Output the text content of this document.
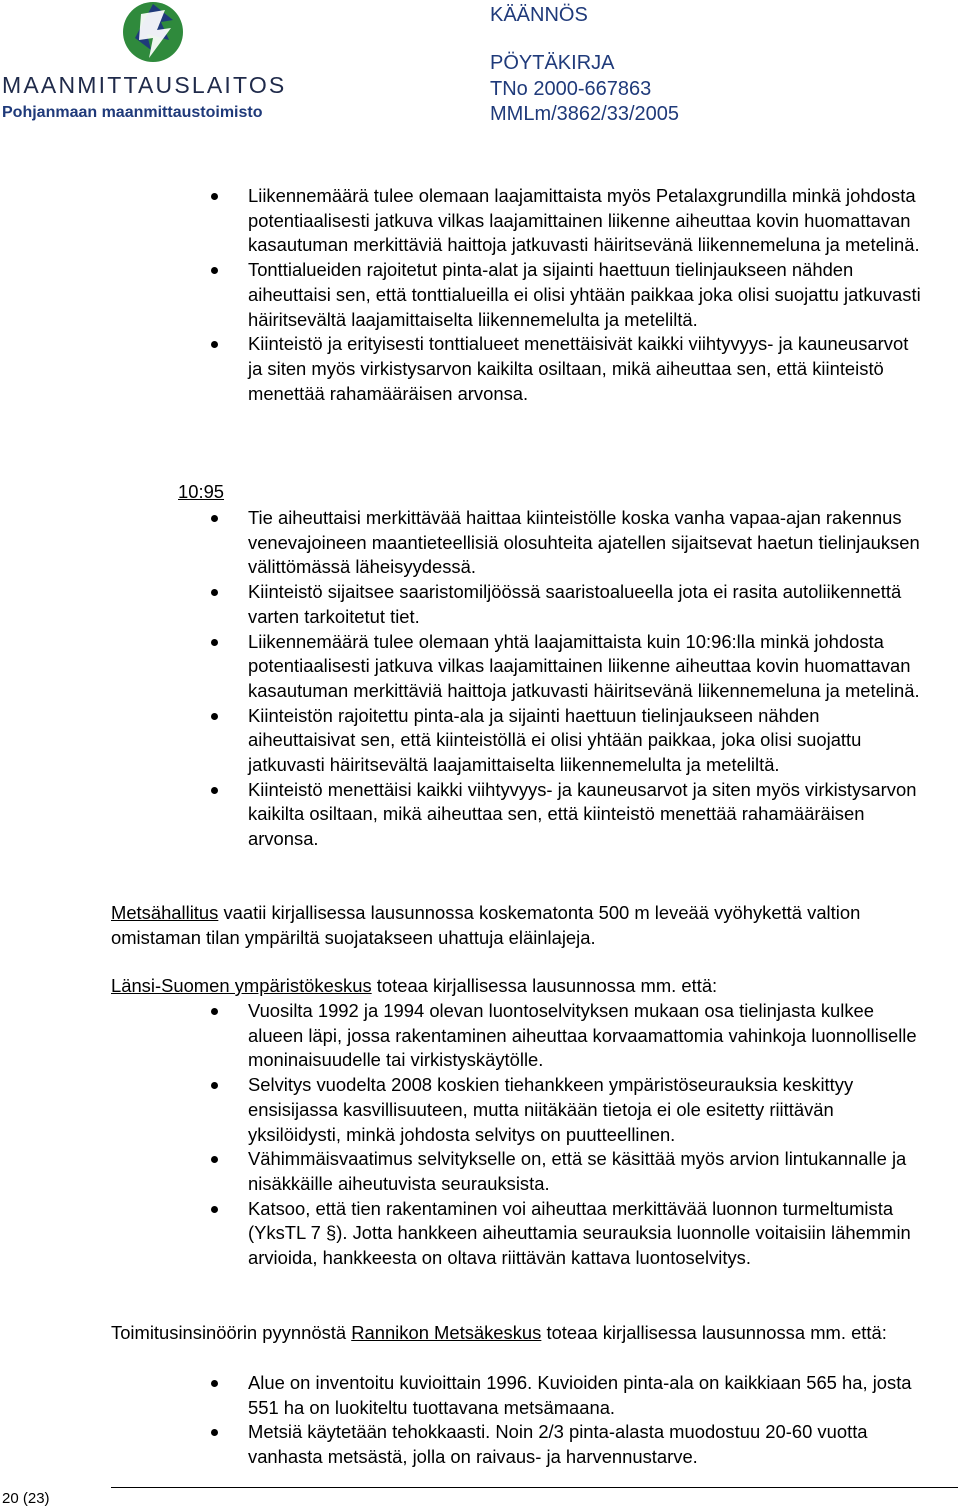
MAANMITTAUSLAITOS
Pohjanmaan maanmittaustoimisto
KÄÄNNÖS
PÖYTÄKIRJA
TNo 2000-667863
MMLm/3862/33/2005
Liikennemäärä tulee olemaan laajamittaista myös Petalaxgrundilla minkä johdosta potentiaalisesti jatkuva vilkas laajamittainen liikenne aiheuttaa kovin huomattavan kasautuman merkittäviä haittoja jatkuvasti häiritsevänä liikennemeluna ja metelinä.
Tonttialueiden rajoitetut pinta-alat ja sijainti haettuun tielinjaukseen nähden aiheuttaisi sen, että tonttialueilla ei olisi yhtään paikkaa joka olisi suojattu jatkuvasti häiritsevältä laajamittaiselta liikennemelulta ja meteliltä.
Kiinteistö ja erityisesti tonttialueet menettäisivät kaikki viihtyvyys- ja kauneusarvot ja siten myös virkistysarvon kaikilta osiltaan, mikä aiheuttaa sen, että kiinteistö menettää rahamääräisen arvonsa.
10:95
Tie aiheuttaisi merkittävää haittaa kiinteistölle koska vanha vapaa-ajan rakennus venevajoineen maantieteellisiä olosuhteita ajatellen sijaitsevat haetun tielinjauksen välittömässä läheisyydessä.
Kiinteistö sijaitsee saaristomiljöössä saaristoalueella jota ei rasita autoliikennettä varten tarkoitetut tiet.
Liikennemäärä tulee olemaan yhtä laajamittaista kuin 10:96:lla minkä johdosta potentiaalisesti jatkuva vilkas laajamittainen liikenne aiheuttaa kovin huomattavan kasautuman merkittäviä haittoja jatkuvasti häiritsevänä liikennemeluna ja metelinä.
Kiinteistön rajoitettu pinta-ala ja sijainti haettuun tielinjaukseen nähden aiheuttaisivat sen, että kiinteistöllä ei olisi yhtään paikkaa, joka olisi suojattu jatkuvasti häiritsevältä laajamittaiselta liikennemelulta ja meteliltä.
Kiinteistö menettäisi kaikki viihtyvyys- ja kauneusarvot ja siten myös virkistysarvon kaikilta osiltaan, mikä aiheuttaa sen, että kiinteistö menettää rahamääräisen arvonsa.
Metsähallitus vaatii kirjallisessa lausunnossa koskematonta 500 m leveää vyöhykettä valtion omistaman tilan ympäriltä suojatakseen uhattuja eläinlajeja.
Länsi-Suomen ympäristökeskus toteaa kirjallisessa lausunnossa mm. että:
Vuosilta 1992 ja 1994 olevan luontoselvityksen mukaan osa tielinjasta kulkee alueen läpi, jossa rakentaminen aiheuttaa korvaamattomia vahinkoja luonnolliselle moninaisuudelle tai virkistyskäytölle.
Selvitys vuodelta 2008 koskien tiehankkeen ympäristöseurauksia keskittyy ensisijassa kasvillisuuteen, mutta niitäkään tietoja ei ole esitetty riittävän yksilöidysti, minkä johdosta selvitys on puutteellinen.
Vähimmäisvaatimus selvitykselle on, että se käsittää myös arvion lintukannalle ja nisäkkäille aiheutuvista seurauksista.
Katsoo, että tien rakentaminen voi aiheuttaa merkittävää luonnon turmeltumista (YksTL 7 §). Jotta hankkeen aiheuttamia seurauksia luonnolle voitaisiin lähemmin arvioida, hankkeesta on oltava riittävän kattava luontoselvitys.
Toimitusinsinöörin pyynnöstä Rannikon Metsäkeskus toteaa kirjallisessa lausunnossa mm. että:
Alue on inventoitu kuvioittain 1996. Kuvioiden pinta-ala on kaikkiaan 565 ha, josta 551 ha on luokiteltu tuottavana metsämaana.
Metsiä käytetään tehokkaasti. Noin 2/3 pinta-alasta muodostuu 20-60 vuotta vanhasta metsästä, jolla on raivaus- ja harvennustarve.
20 (23)
